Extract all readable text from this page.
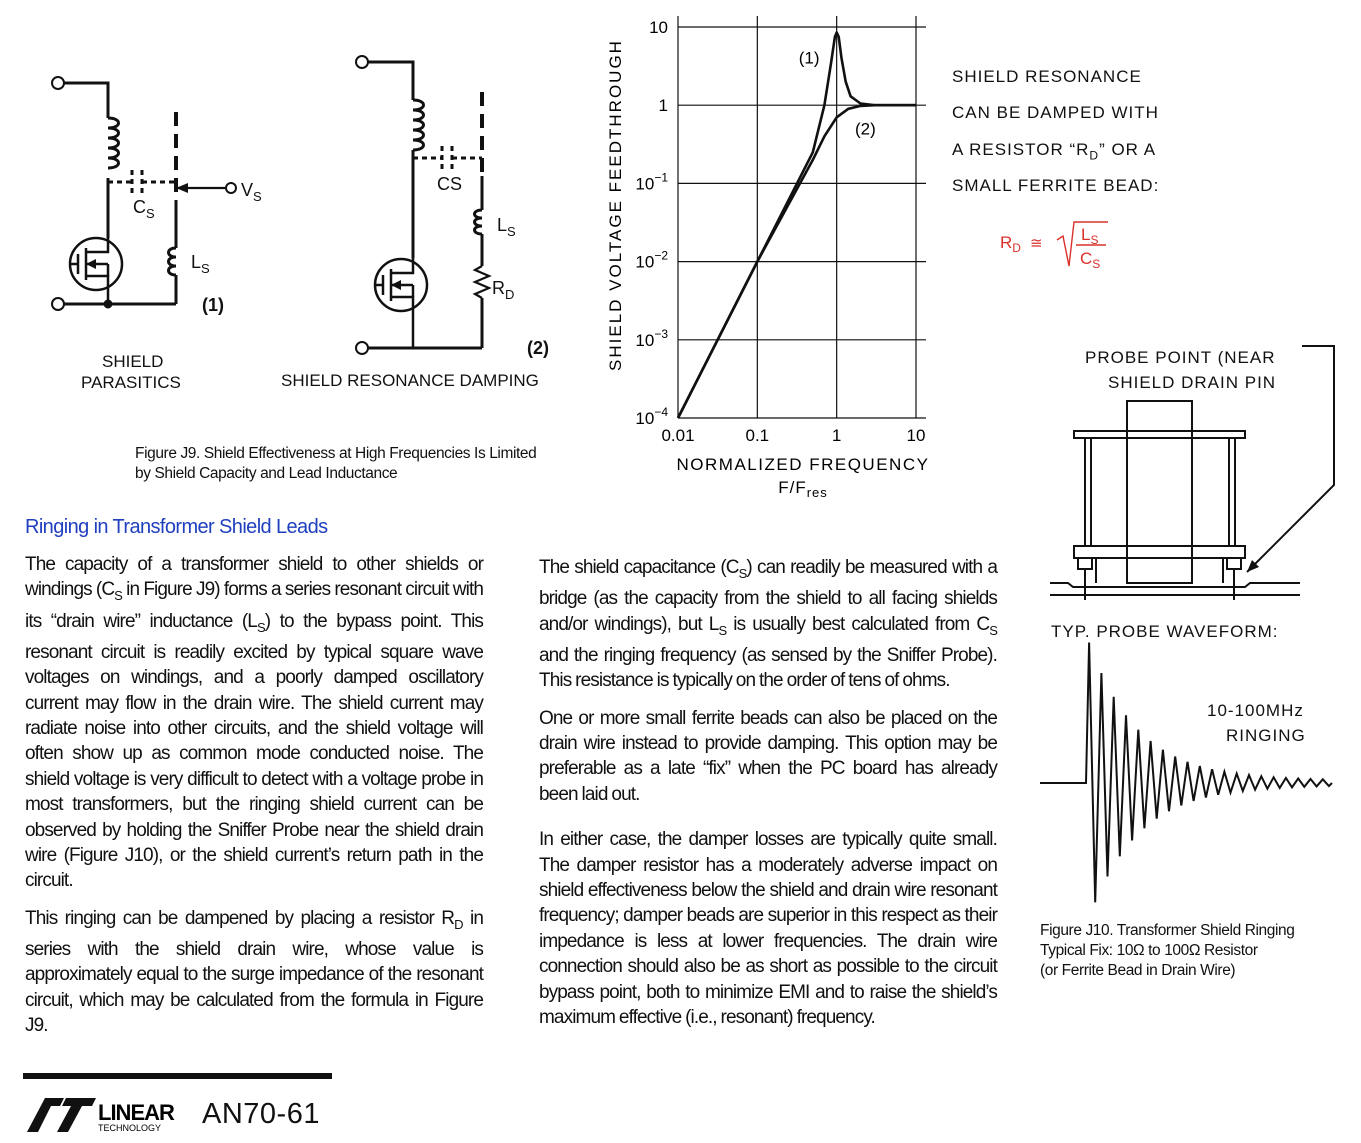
$V_S$
$C_S$
$L_S$
(1)
CS
$L_S$
$R_D$
(2)
SHIELD
PARASITICS	SHIELD RESONANCE DAMPING
Figure J9. Shield Effectiveness at High Frequencies Is Limited
by Shield Capacity and Lead Inductance
(1)
(2)
0.01	0.1	1	10
10
1
$10^{-1}$
$10^{-2}$
$10^{-3}$
$10^{-4}$
SHIELD VOLTAGE FEEDTHROUGH
NORMALIZED FREQUENCY
$F/F_{res}$
SHIELD RESONANCE
CAN BE DAMPED WITH
A RESISTOR “$R_D$” OR A
SMALL FERRITE BEAD:
$R_D$ ≅ $L_S$
$C_S$
PROBE POINT (NEAR
SHIELD DRAIN PIN
TYP. PROBE WAVEFORM:
10-100MHz
RINGING
Figure J10. Transformer Shield Ringing
Typical Fix: 10Ω to 100Ω Resistor
(or Ferrite Bead in Drain Wire)
Ringing in Transformer Shield Leads

The capacity of a transformer shield to other shields or windings ($C_S$ in Figure J9) forms a series resonant circuit with its “drain wire” inductance $(L_S)$ to the bypass point. This resonant circuit is readily excited by typical square wave voltages on windings, and a poorly damped oscillatory current may flow in the drain wire. The shield current may radiate noise into other circuits, and the shield voltage will often show up as common mode conducted noise. The shield voltage is very difficult to detect with a voltage probe in most transformers, but the ringing shield current can be observed by holding the Sniffer Probe near the shield drain wire (Figure J10), or the shield current’s return path in the circuit.

This ringing can be dampened by placing a resistor $R_D$ in series with the shield drain wire, whose value is approximately equal to the surge impedance of the resonant circuit, which may be calculated from the formula in Figure J9.

The shield capacitance $(C_S)$ can readily be measured with a bridge (as the capacity from the shield to all facing shields and/or windings), but $L_S$ is usually best calculated from $C_S$ and the ringing frequency (as sensed by the Sniffer Probe). This resistance is typically on the order of tens of ohms.

One or more small ferrite beads can also be placed on the drain wire instead to provide damping. This option may be preferable as a late “fix” when the PC board has already been laid out.

In either case, the damper losses are typically quite small. The damper resistor has a moderately adverse impact on shield effectiveness below the shield and drain wire resonant frequency; damper beads are superior in this respect as their impedance is less at lower frequencies. The drain wire connection should also be as short as possible to the circuit bypass point, both to minimize EMI and to raise the shield’s maximum effective (i.e., resonant) frequency.

LINEAR
TECHNOLOGY AN70-61
